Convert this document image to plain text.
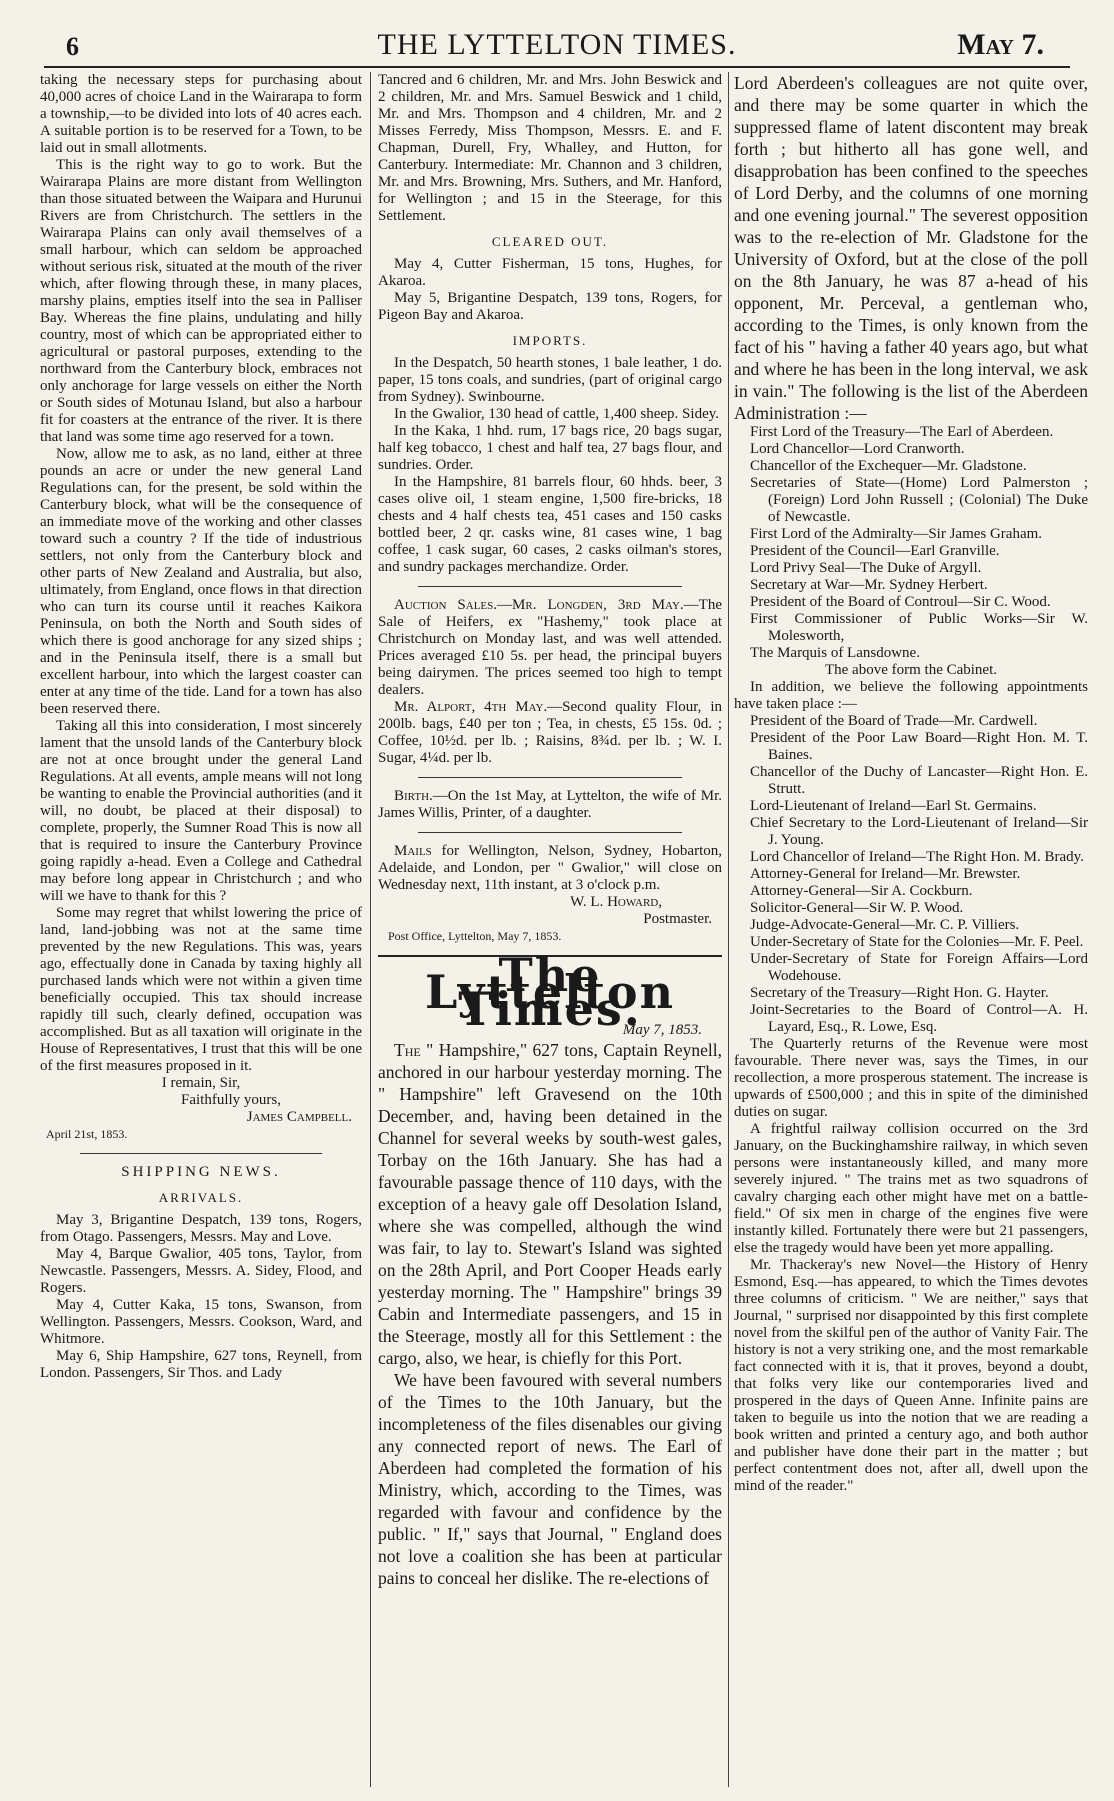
6	THE LYTTELTON TIMES.	May 7.

taking the necessary steps for purchasing about 40,000 acres of choice Land in the Wairarapa to form a township,—to be divided into lots of 40 acres each. A suitable portion is to be reserved for a Town, to be laid out in small allotments.

This is the right way to go to work. But the Wairarapa Plains are more distant from Wellington than those situated between the Waipara and Hurunui Rivers are from Christchurch. The settlers in the Wairarapa Plains can only avail themselves of a small harbour, which can seldom be approached without serious risk, situated at the mouth of the river which, after flowing through these, in many places, marshy plains, empties itself into the sea in Palliser Bay. Whereas the fine plains, undulating and hilly country, most of which can be appropriated either to agricultural or pastoral purposes, extending to the northward from the Canterbury block, embraces not only anchorage for large vessels on either the North or South sides of Motunau Island, but also a harbour fit for coasters at the entrance of the river. It is there that land was some time ago reserved for a town.

Now, allow me to ask, as no land, either at three pounds an acre or under the new general Land Regulations can, for the present, be sold within the Canterbury block, what will be the consequence of an immediate move of the working and other classes toward such a country ? If the tide of industrious settlers, not only from the Canterbury block and other parts of New Zealand and Australia, but also, ultimately, from England, once flows in that direction who can turn its course until it reaches Kaikora Peninsula, on both the North and South sides of which there is good anchorage for any sized ships ; and in the Peninsula itself, there is a small but excellent harbour, into which the largest coaster can enter at any time of the tide. Land for a town has also been reserved there.

Taking all this into consideration, I most sincerely lament that the unsold lands of the Canterbury block are not at once brought under the general Land Regulations. At all events, ample means will not long be wanting to enable the Provincial authorities (and it will, no doubt, be placed at their disposal) to complete, properly, the Sumner Road This is now all that is required to insure the Canterbury Province going rapidly a-head. Even a College and Cathedral may before long appear in Christchurch ; and who will we have to thank for this ?

Some may regret that whilst lowering the price of land, land-jobbing was not at the same time prevented by the new Regulations. This was, years ago, effectually done in Canada by taxing highly all purchased lands which were not within a given time beneficially occupied. This tax should increase rapidly till such, clearly defined, occupation was accomplished. But as all taxation will originate in the House of Representatives, I trust that this will be one of the first measures proposed in it.

I remain, Sir,

Faithfully yours,

James Campbell.

April 21st, 1853.

SHIPPING NEWS.
ARRIVALS.

May 3, Brigantine Despatch, 139 tons, Rogers, from Otago. Passengers, Messrs. May and Love.

May 4, Barque Gwalior, 405 tons, Taylor, from Newcastle. Passengers, Messrs. A. Sidey, Flood, and Rogers.

May 4, Cutter Kaka, 15 tons, Swanson, from Wellington. Passengers, Messrs. Cookson, Ward, and Whitmore.

May 6, Ship Hampshire, 627 tons, Reynell, from London. Passengers, Sir Thos. and Lady

Tancred and 6 children, Mr. and Mrs. John Beswick and 2 children, Mr. and Mrs. Samuel Beswick and 1 child, Mr. and Mrs. Thompson and 4 children, Mr. and 2 Misses Ferredy, Miss Thompson, Messrs. E. and F. Chapman, Durell, Fry, Whalley, and Hutton, for Canterbury. Intermediate: Mr. Channon and 3 children, Mr. and Mrs. Browning, Mrs. Suthers, and Mr. Hanford, for Wellington ; and 15 in the Steerage, for this Settlement.

CLEARED OUT.

May 4, Cutter Fisherman, 15 tons, Hughes, for Akaroa.

May 5, Brigantine Despatch, 139 tons, Rogers, for Pigeon Bay and Akaroa.

IMPORTS.

In the Despatch, 50 hearth stones, 1 bale leather, 1 do. paper, 15 tons coals, and sundries, (part of original cargo from Sydney). Swinbourne.

In the Gwalior, 130 head of cattle, 1,400 sheep. Sidey.

In the Kaka, 1 hhd. rum, 17 bags rice, 20 bags sugar, half keg tobacco, 1 chest and half tea, 27 bags flour, and sundries. Order.

In the Hampshire, 81 barrels flour, 60 hhds. beer, 3 cases olive oil, 1 steam engine, 1,500 fire-bricks, 18 chests and 4 half chests tea, 451 cases and 150 casks bottled beer, 2 qr. casks wine, 81 cases wine, 1 bag coffee, 1 cask sugar, 60 cases, 2 casks oilman's stores, and sundry packages merchandize. Order.

Auction Sales.—Mr. Longden, 3rd May.—The Sale of Heifers, ex "Hashemy," took place at Christchurch on Monday last, and was well attended. Prices averaged £10 5s. per head, the principal buyers being dairymen. The prices seemed too high to tempt dealers.

Mr. Alport, 4th May.—Second quality Flour, in 200lb. bags, £40 per ton ; Tea, in chests, £5 15s. 0d. ; Coffee, 10½d. per lb. ; Raisins, 8¾d. per lb. ; W. I. Sugar, 4¼d. per lb.

Birth.—On the 1st May, at Lyttelton, the wife of Mr. James Willis, Printer, of a daughter.

Mails for Wellington, Nelson, Sydney, Hobarton, Adelaide, and London, per " Gwalior," will close on Wednesday next, 11th instant, at 3 o'clock p.m.

W. L. Howard,

Postmaster.

Post Office, Lyttelton, May 7, 1853.

The Lyttelton Times.

May 7, 1853.

The " Hampshire," 627 tons, Captain Reynell, anchored in our harbour yesterday morning. The " Hampshire" left Gravesend on the 10th December, and, having been detained in the Channel for several weeks by south-west gales, Torbay on the 16th January. She has had a favourable passage thence of 110 days, with the exception of a heavy gale off Desolation Island, where she was compelled, although the wind was fair, to lay to. Stewart's Island was sighted on the 28th April, and Port Cooper Heads early yesterday morning. The " Hampshire" brings 39 Cabin and Intermediate passengers, and 15 in the Steerage, mostly all for this Settlement : the cargo, also, we hear, is chiefly for this Port.

We have been favoured with several numbers of the Times to the 10th January, but the incompleteness of the files disenables our giving any connected report of news. The Earl of Aberdeen had completed the formation of his Ministry, which, according to the Times, was regarded with favour and confidence by the public. " If," says that Journal, " England does not love a coalition she has been at particular pains to conceal her dislike. The re-elections of

Lord Aberdeen's colleagues are not quite over, and there may be some quarter in which the suppressed flame of latent discontent may break forth ; but hitherto all has gone well, and disapprobation has been confined to the speeches of Lord Derby, and the columns of one morning and one evening journal." The severest opposition was to the re-election of Mr. Gladstone for the University of Oxford, but at the close of the poll on the 8th January, he was 87 a-head of his opponent, Mr. Perceval, a gentleman who, according to the Times, is only known from the fact of his " having a father 40 years ago, but what and where he has been in the long interval, we ask in vain." The following is the list of the Aberdeen Administration :—

First Lord of the Treasury—The Earl of Aberdeen.

Lord Chancellor—Lord Cranworth.

Chancellor of the Exchequer—Mr. Gladstone.

Secretaries of State—(Home) Lord Palmerston ; (Foreign) Lord John Russell ; (Colonial) The Duke of Newcastle.

First Lord of the Admiralty—Sir James Graham.

President of the Council—Earl Granville.

Lord Privy Seal—The Duke of Argyll.

Secretary at War—Mr. Sydney Herbert.

President of the Board of Controul—Sir C. Wood.

First Commissioner of Public Works—Sir W. Molesworth,

The Marquis of Lansdowne.

The above form the Cabinet.

In addition, we believe the following appointments have taken place :—

President of the Board of Trade—Mr. Cardwell.

President of the Poor Law Board—Right Hon. M. T. Baines.

Chancellor of the Duchy of Lancaster—Right Hon. E. Strutt.

Lord-Lieutenant of Ireland—Earl St. Germains.

Chief Secretary to the Lord-Lieutenant of Ireland—Sir J. Young.

Lord Chancellor of Ireland—The Right Hon. M. Brady.

Attorney-General for Ireland—Mr. Brewster.

Attorney-General—Sir A. Cockburn.

Solicitor-General—Sir W. P. Wood.

Judge-Advocate-General—Mr. C. P. Villiers.

Under-Secretary of State for the Colonies—Mr. F. Peel.

Under-Secretary of State for Foreign Affairs—Lord Wodehouse.

Secretary of the Treasury—Right Hon. G. Hayter.

Joint-Secretaries to the Board of Control—A. H. Layard, Esq., R. Lowe, Esq.

The Quarterly returns of the Revenue were most favourable. There never was, says the Times, in our recollection, a more prosperous statement. The increase is upwards of £500,000 ; and this in spite of the diminished duties on sugar.

A frightful railway collision occurred on the 3rd January, on the Buckinghamshire railway, in which seven persons were instantaneously killed, and many more severely injured. " The trains met as two squadrons of cavalry charging each other might have met on a battle-field." Of six men in charge of the engines five were instantly killed. Fortunately there were but 21 passengers, else the tragedy would have been yet more appalling.

Mr. Thackeray's new Novel—the History of Henry Esmond, Esq.—has appeared, to which the Times devotes three columns of criticism. " We are neither," says that Journal, " surprised nor disappointed by this first complete novel from the skilful pen of the author of Vanity Fair. The history is not a very striking one, and the most remarkable fact connected with it is, that it proves, beyond a doubt, that folks very like our contemporaries lived and prospered in the days of Queen Anne. Infinite pains are taken to beguile us into the notion that we are reading a book written and printed a century ago, and both author and publisher have done their part in the matter ; but perfect contentment does not, after all, dwell upon the mind of the reader."
